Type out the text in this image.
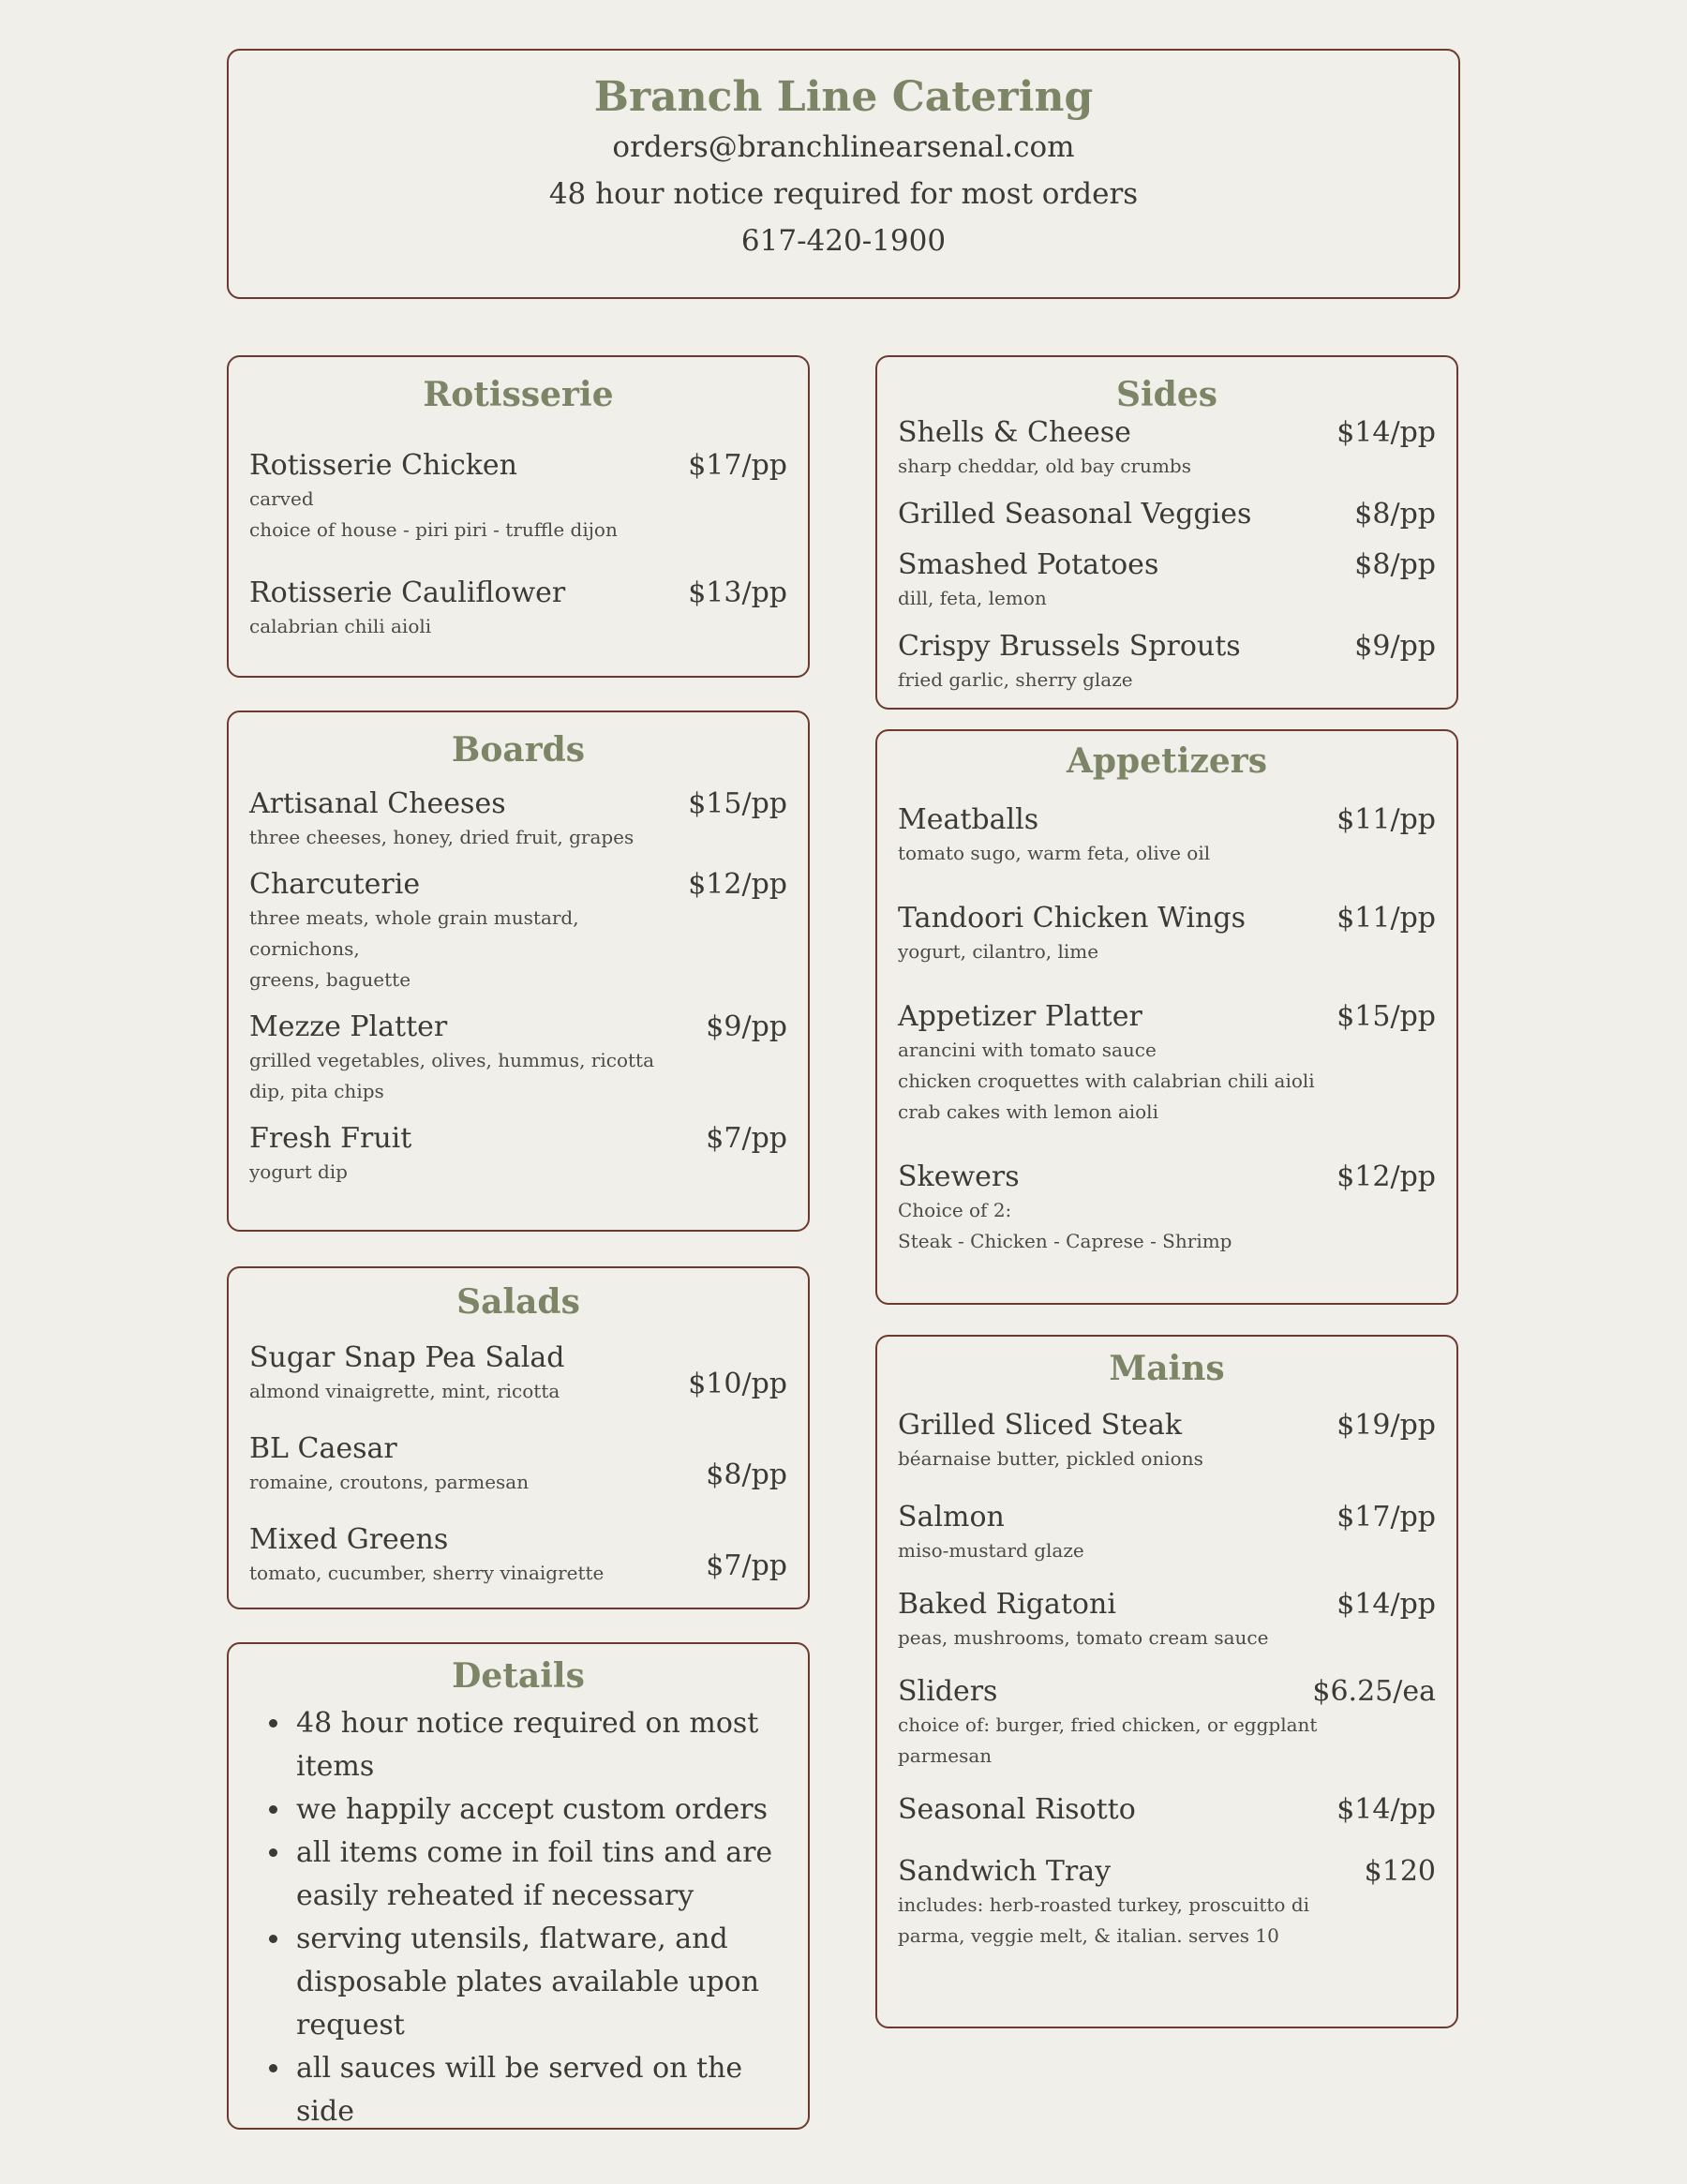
Branch Line Catering
orders@branchlinearsenal.com
48 hour notice required for most orders
617-420-1900
Rotisserie
Rotisserie Chicken	$17/pp
carved
choice of house - piri piri - truffle dijon
Rotisserie Cauliflower	$13/pp
calabrian chili aioli
Boards
Artisanal Cheeses	$15/pp
three cheeses, honey, dried fruit, grapes
Charcuterie	$12/pp
three meats, whole grain mustard, cornichons,
greens, baguette
Mezze Platter	$9/pp
grilled vegetables, olives, hummus, ricotta
dip, pita chips
Fresh Fruit	$7/pp
yogurt dip
Salads
Sugar Snap Pea Salad
$10/pp
almond vinaigrette, mint, ricotta
BL Caesar
$8/pp
romaine, croutons, parmesan
Mixed Greens
$7/pp
tomato, cucumber, sherry vinaigrette
Details
• 48 hour notice required on most items
• we happily accept custom orders
• all items come in foil tins and are easily reheated if necessary
• serving utensils, flatware, and disposable plates available upon request
• all sauces will be served on the side
Sides
Shells & Cheese	$14/pp
sharp cheddar, old bay crumbs
Grilled Seasonal Veggies	$8/pp
Smashed Potatoes	$8/pp
dill, feta, lemon
Crispy Brussels Sprouts	$9/pp
fried garlic, sherry glaze
Appetizers
Meatballs	$11/pp
tomato sugo, warm feta, olive oil
Tandoori Chicken Wings	$11/pp
yogurt, cilantro, lime
Appetizer Platter	$15/pp
arancini with tomato sauce
chicken croquettes with calabrian chili aioli
crab cakes with lemon aioli
Skewers	$12/pp
Choice of 2:
Steak - Chicken - Caprese - Shrimp
Mains
Grilled Sliced Steak	$19/pp
béarnaise butter, pickled onions
Salmon	$17/pp
miso-mustard glaze
Baked Rigatoni	$14/pp
peas, mushrooms, tomato cream sauce
Sliders	$6.25/ea
choice of: burger, fried chicken, or eggplant
parmesan
Seasonal Risotto	$14/pp
Sandwich Tray	$120
includes: herb-roasted turkey, proscuitto di
parma, veggie melt, & italian. serves 10
